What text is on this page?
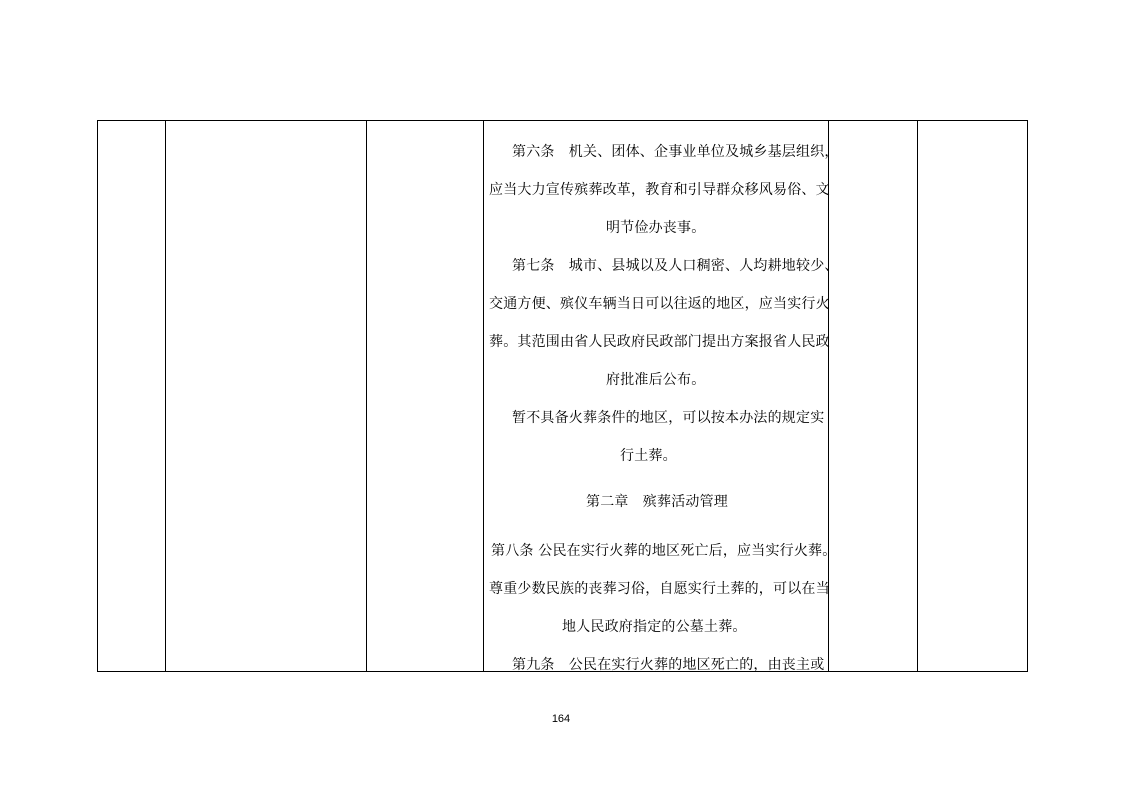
第六条　机关、团体、企事业单位及城乡基层组织，
应当大力宣传殡葬改革，教育和引导群众移风易俗、文
明节俭办丧事。
第七条　城市、县城以及人口稠密、人均耕地较少、
交通方便、殡仪车辆当日可以往返的地区，应当实行火
葬。其范围由省人民政府民政部门提出方案报省人民政
府批准后公布。
暂不具备火葬条件的地区，可以按本办法的规定实
行土葬。
第二章　殡葬活动管理
第八条 公民在实行火葬的地区死亡后，应当实行火葬。
尊重少数民族的丧葬习俗，自愿实行土葬的，可以在当
地人民政府指定的公墓土葬。
第九条　公民在实行火葬的地区死亡的，由丧主或
164
